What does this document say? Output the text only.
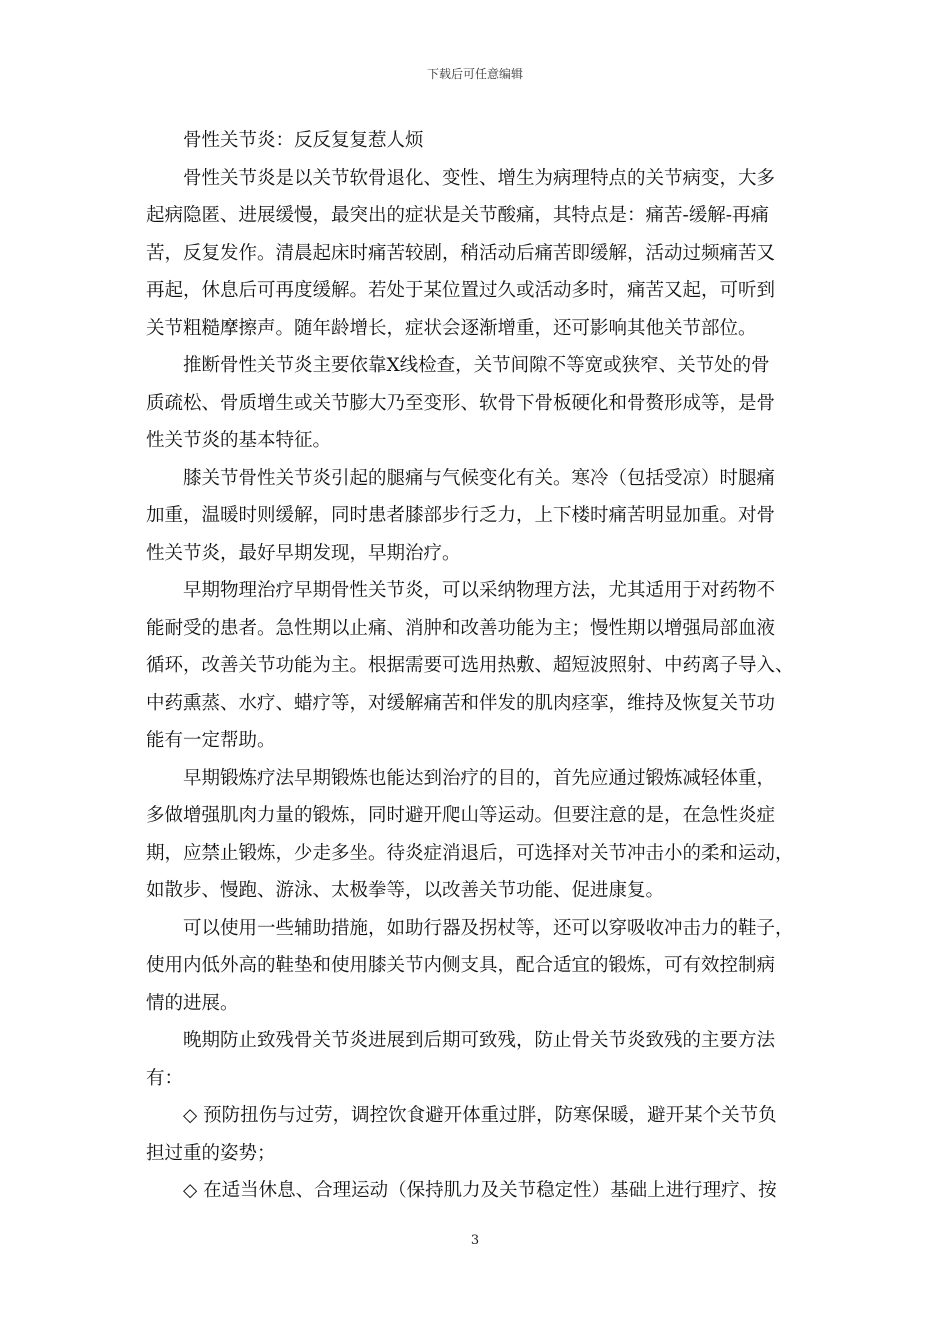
下载后可任意编辑
骨性关节炎：反反复复惹人烦
骨性关节炎是以关节软骨退化、变性、增生为病理特点的关节病变，大多
起病隐匿、进展缓慢，最突出的症状是关节酸痛，其特点是：痛苦-缓解-再痛
苦，反复发作。清晨起床时痛苦较剧，稍活动后痛苦即缓解，活动过频痛苦又
再起，休息后可再度缓解。若处于某位置过久或活动多时，痛苦又起，可听到
关节粗糙摩擦声。随年龄增长，症状会逐渐增重，还可影响其他关节部位。
推断骨性关节炎主要依靠X线检查，关节间隙不等宽或狭窄、关节处的骨
质疏松、骨质增生或关节膨大乃至变形、软骨下骨板硬化和骨赘形成等，是骨
性关节炎的基本特征。
膝关节骨性关节炎引起的腿痛与气候变化有关。寒冷（包括受凉）时腿痛
加重，温暖时则缓解，同时患者膝部步行乏力，上下楼时痛苦明显加重。对骨
性关节炎，最好早期发现，早期治疗。
早期物理治疗早期骨性关节炎，可以采纳物理方法，尤其适用于对药物不
能耐受的患者。急性期以止痛、消肿和改善功能为主；慢性期以增强局部血液
循环，改善关节功能为主。根据需要可选用热敷、超短波照射、中药离子导入、
中药熏蒸、水疗、蜡疗等，对缓解痛苦和伴发的肌肉痉挛，维持及恢复关节功
能有一定帮助。
早期锻炼疗法早期锻炼也能达到治疗的目的，首先应通过锻炼减轻体重，
多做增强肌肉力量的锻炼，同时避开爬山等运动。但要注意的是，在急性炎症
期，应禁止锻炼，少走多坐。待炎症消退后，可选择对关节冲击小的柔和运动，
如散步、慢跑、游泳、太极拳等，以改善关节功能、促进康复。
可以使用一些辅助措施，如助行器及拐杖等，还可以穿吸收冲击力的鞋子，
使用内低外高的鞋垫和使用膝关节内侧支具，配合适宜的锻炼，可有效控制病
情的进展。
晚期防止致残骨关节炎进展到后期可致残，防止骨关节炎致残的主要方法
有：
◇ 预防扭伤与过劳，调控饮食避开体重过胖，防寒保暖，避开某个关节负
担过重的姿势；
◇ 在适当休息、合理运动（保持肌力及关节稳定性）基础上进行理疗、按
3
